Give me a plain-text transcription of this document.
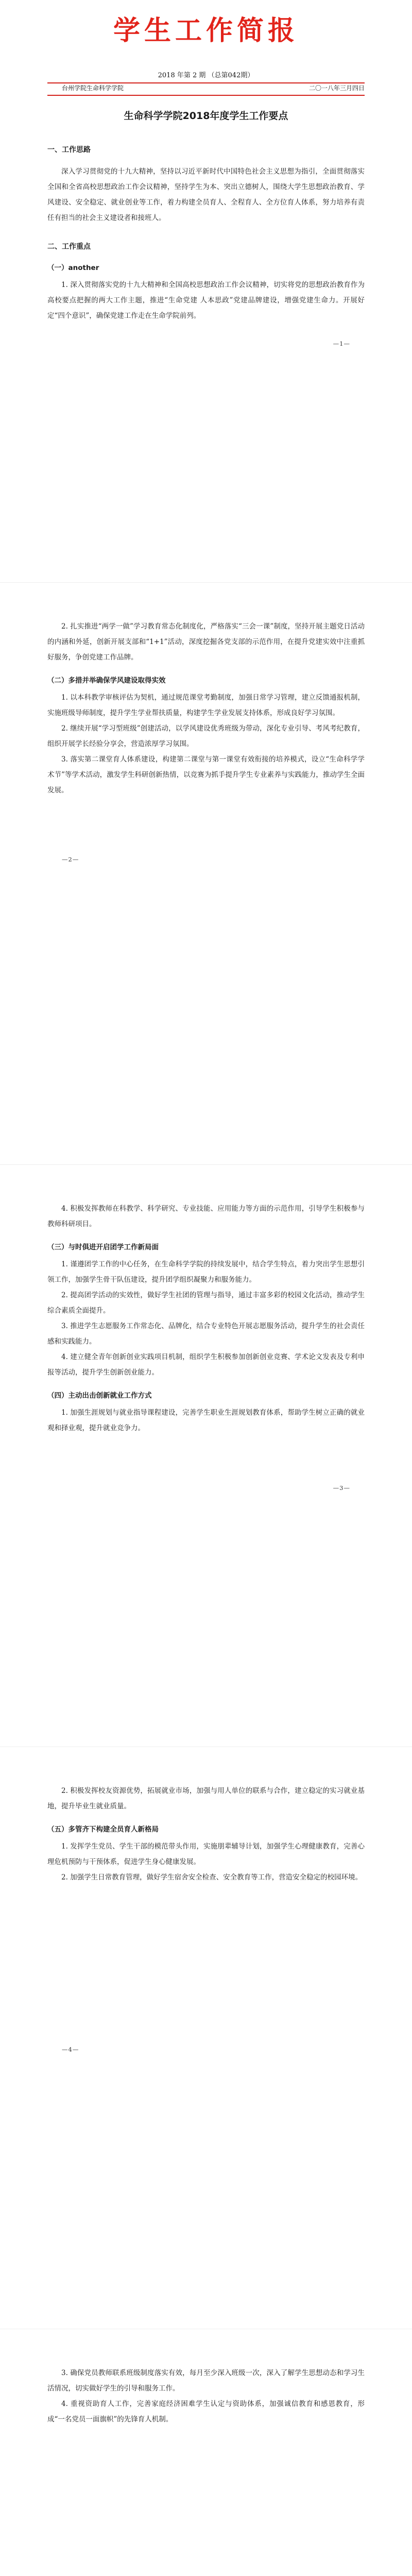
学生工作简报
2018 年第 2 期 （总第042期）
台州学院生命科学学院	二〇一八年三月四日
生命科学学院2018年度学生工作要点
一、工作思路

深入学习贯彻党的十九大精神，坚持以习近平新时代中国特色社会主义思想为指引，全面贯彻落实全国和全省高校思想政治工作会议精神，坚持学生为本、突出立德树人，围绕大学生思想政治教育、学风建设、安全稳定、就业创业等工作，着力构建全员育人、全程育人、全方位育人体系，努力培养有责任有担当的社会主义建设者和接班人。

二、工作重点
（一）another

1. 深入贯彻落实党的十九大精神和全国高校思想政治工作会议精神，切实将党的思想政治教育作为高校要点把握的两大工作主题，推进“生命党建 人本思政”党建品牌建设，增强党建生命力。开展好定“四个意识”，确保党建工作走在生命学院前列。

—1—

2. 扎实推进“两学一做”学习教育常态化制度化，严格落实“三会一课”制度，坚持开展主题党日活动的内涵和外延，创新开展支部和“1+1”活动，深度挖掘各党支部的示范作用，在提升党建实效中注重抓好服务，争创党建工作品牌。

（二）多措并举确保学风建设取得实效

1. 以本科教学审核评估为契机，通过规范课堂考勤制度，加强日常学习管理，建立反馈通报机制，实施班级导师制度，提升学生学业帮扶质量，构建学生学业发展支持体系，形成良好学习氛围。

2. 继续开展“学习型班级”创建活动，以学风建设优秀班级为带动，深化专业引导、考风考纪教育，组织开展学长经验分享会，营造浓厚学习氛围。

3. 落实第二课堂育人体系建设，构建第二课堂与第一课堂有效衔接的培养模式，设立“生命科学学术节”等学术活动，激发学生科研创新热情，以竞赛为抓手提升学生专业素养与实践能力，推动学生全面发展。

—2—

4. 积极发挥教师在科教学、科学研究、专业技能、应用能力等方面的示范作用，引导学生积极参与教师科研项目。

（三）与时俱进开启团学工作新局面

1. 谨遵团学工作的中心任务，在生命科学学院的持续发展中，结合学生特点，着力突出学生思想引领工作，加强学生骨干队伍建设，提升团学组织凝聚力和服务能力。

2. 提高团学活动的实效性，做好学生社团的管理与指导，通过丰富多彩的校园文化活动，推动学生综合素质全面提升。

3. 推进学生志愿服务工作常态化、品牌化，结合专业特色开展志愿服务活动，提升学生的社会责任感和实践能力。

4. 建立健全青年创新创业实践项目机制，组织学生积极参加创新创业竞赛、学术论文发表及专利申报等活动，提升学生创新创业能力。

（四）主动出击创新就业工作方式

1. 加强生涯规划与就业指导课程建设，完善学生职业生涯规划教育体系，帮助学生树立正确的就业观和择业观，提升就业竞争力。

—3—

2. 积极发挥校友资源优势，拓展就业市场，加强与用人单位的联系与合作，建立稳定的实习就业基地，提升毕业生就业质量。

（五）多管齐下构建全员育人新格局

1. 发挥学生党员、学生干部的模范带头作用，实施朋辈辅导计划，加强学生心理健康教育，完善心理危机预防与干预体系，促进学生身心健康发展。

2. 加强学生日常教育管理，做好学生宿舍安全检查、安全教育等工作，营造安全稳定的校园环境。

—4—

3. 确保党员教师联系班级制度落实有效，每月至少深入班级一次，深入了解学生思想动态和学习生活情况，切实做好学生的引导和服务工作。

4. 重视资助育人工作，完善家庭经济困难学生认定与资助体系，加强诚信教育和感恩教育，形成“一名党员一面旗帜”的先锋育人机制。
